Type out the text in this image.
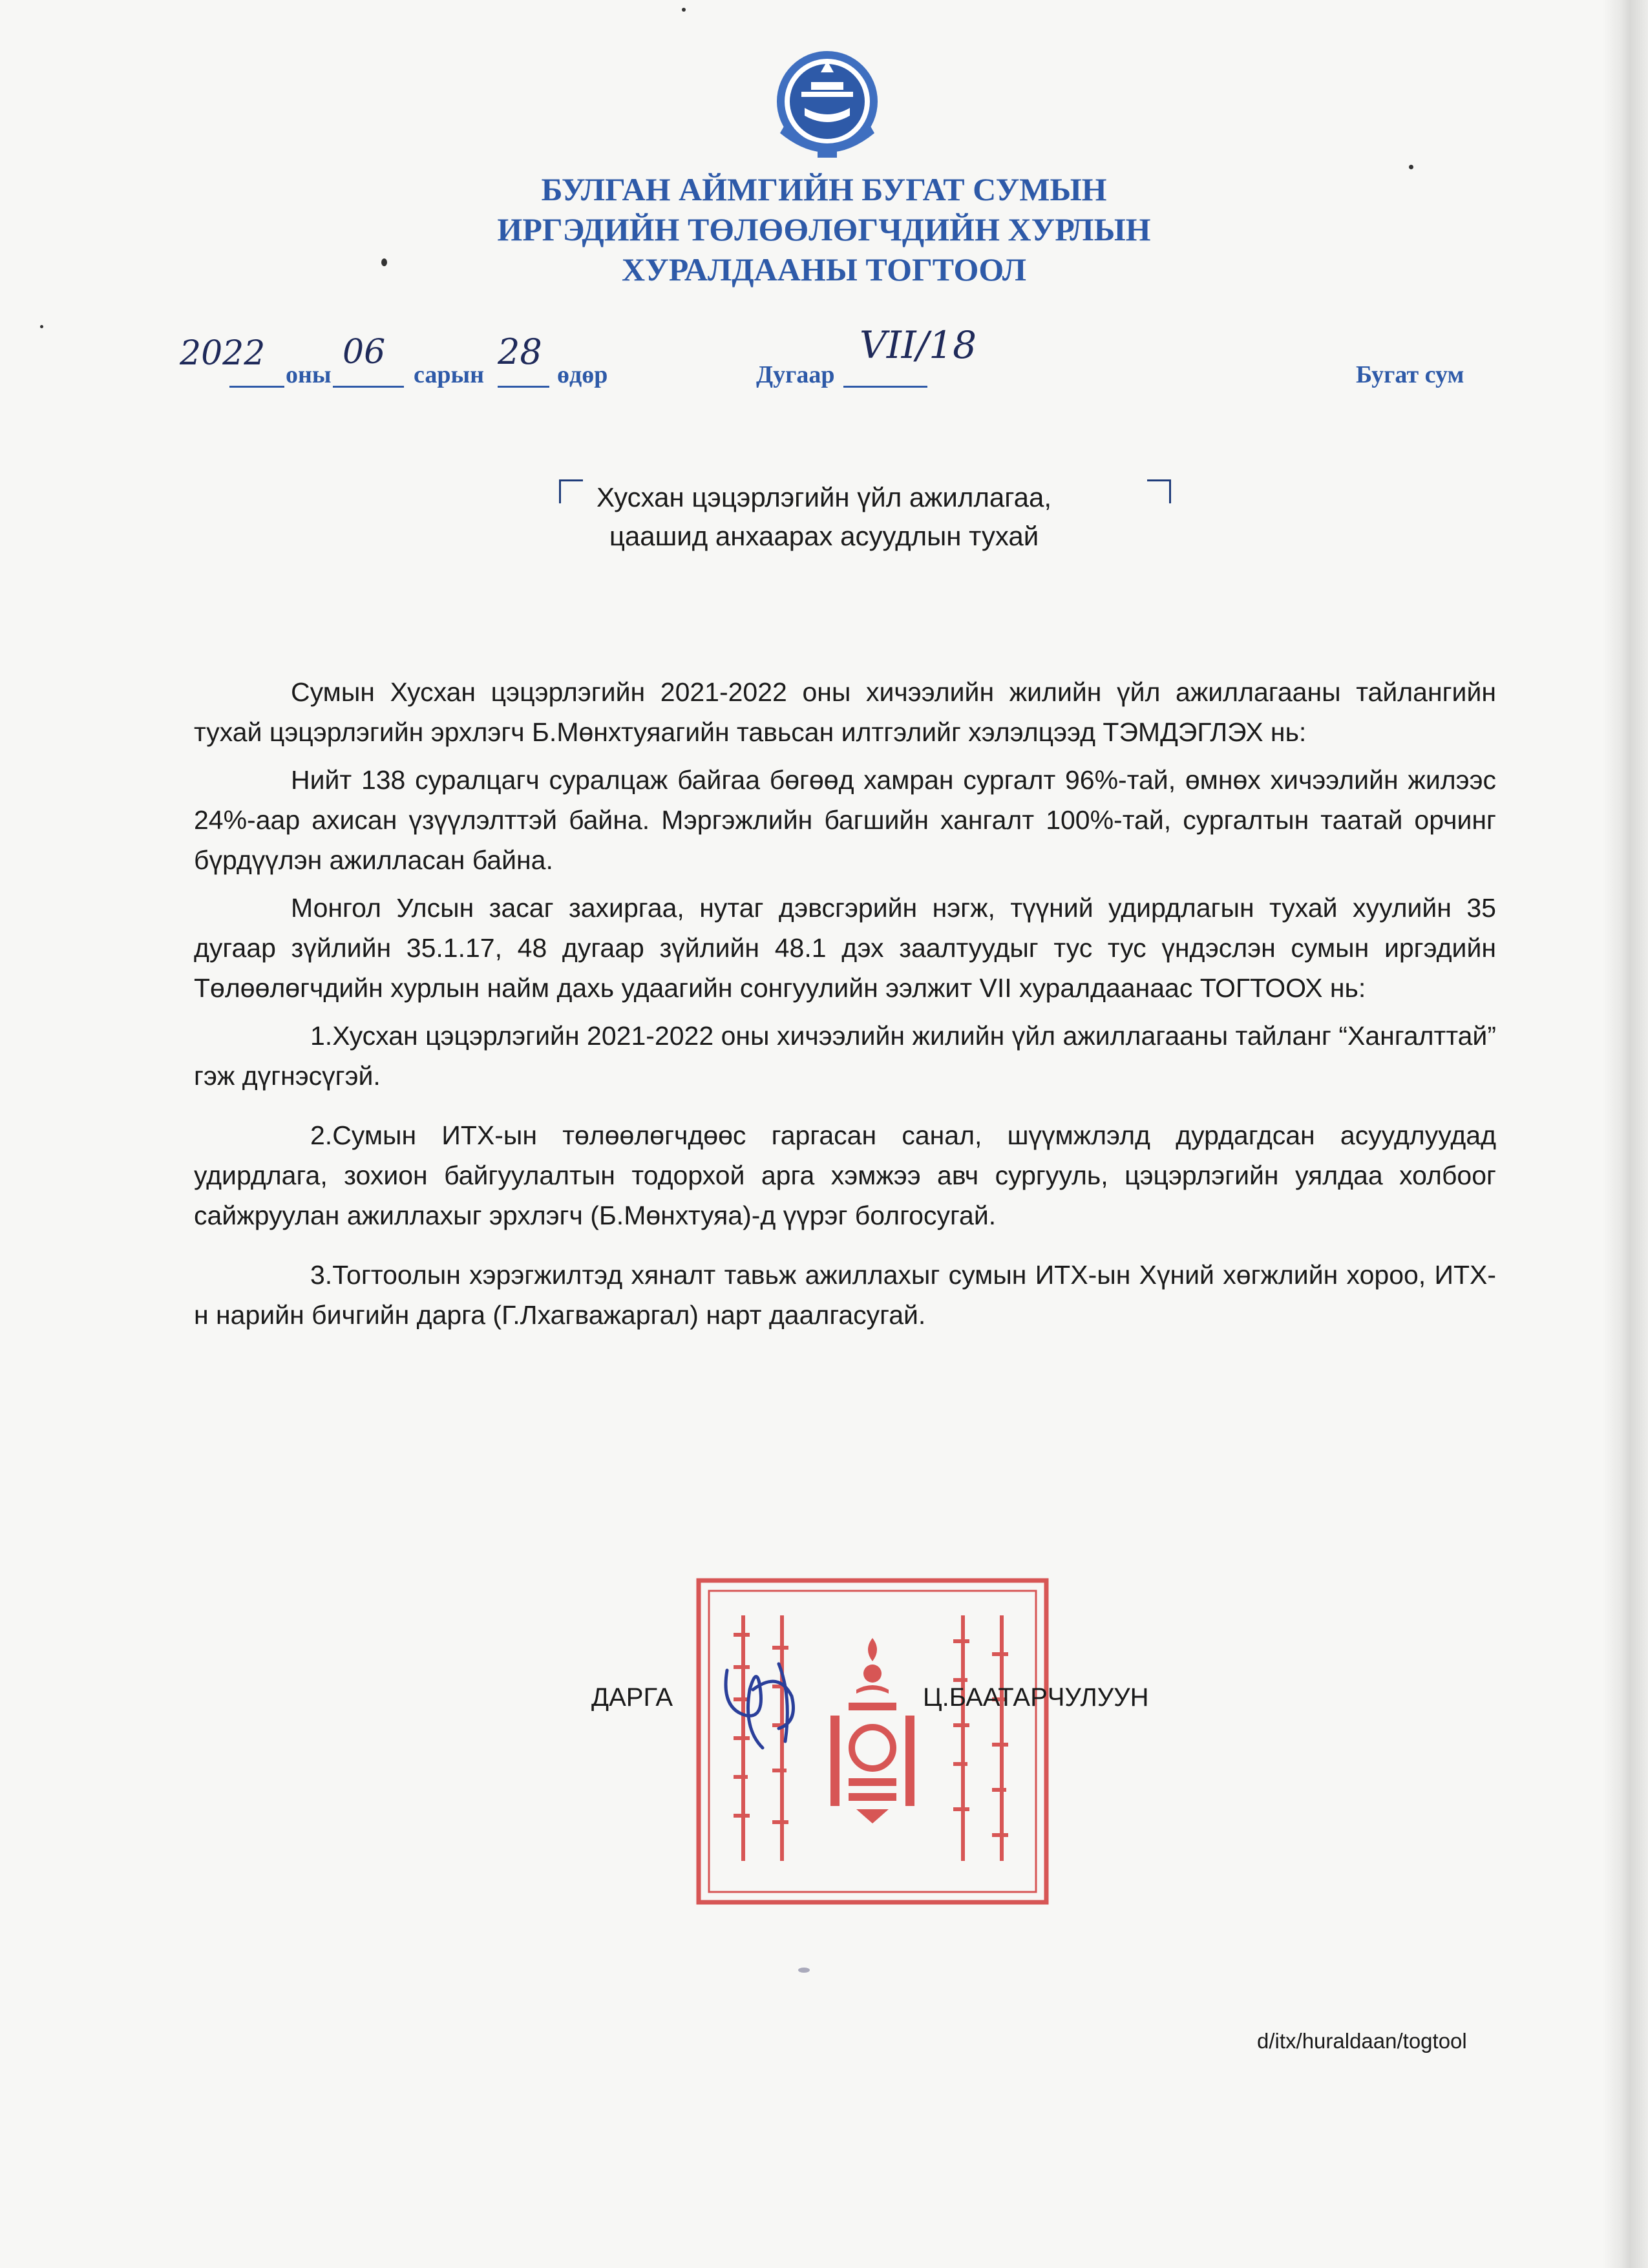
БУЛГАН АЙМГИЙН БУГАТ СУМЫН
ИРГЭДИЙН ТӨЛӨӨЛӨГЧДИЙН ХУРЛЫН
ХУРАЛДААНЫ ТОГТООЛ
2022
оны
06
сарын
28
өдөр	Дугаар
VII/18
Бугат сум
Хусхан цэцэрлэгийн үйл ажиллагаа,
цаашид анхаарах асуудлын тухай

Сумын Хусхан цэцэрлэгийн 2021-2022 оны хичээлийн жилийн үйл ажиллагааны тайлангийн тухай цэцэрлэгийн эрхлэгч Б.Мөнхтуяагийн тавьсан илтгэлийг хэлэлцээд ТЭМДЭГЛЭХ нь:

Нийт 138 суралцагч суралцаж байгаа бөгөөд хамран сургалт 96%-тай, өмнөх хичээлийн жилээс 24%-аар ахисан үзүүлэлттэй байна. Мэргэжлийн багшийн хангалт 100%-тай, сургалтын таатай орчинг бүрдүүлэн ажилласан байна.

Монгол Улсын засаг захиргаа, нутаг дэвсгэрийн нэгж, түүний удирдлагын тухай хуулийн 35 дугаар зүйлийн 35.1.17, 48 дугаар зүйлийн 48.1 дэх заалтуудыг тус тус үндэслэн сумын иргэдийн Төлөөлөгчдийн хурлын найм дахь удаагийн сонгуулийн ээлжит VII хуралдаанаас ТОГТООХ нь:

1.Хусхан цэцэрлэгийн 2021-2022 оны хичээлийн жилийн үйл ажиллагааны тайланг “Хангалттай” гэж дүгнэсүгэй.

2.Сумын ИТХ-ын төлөөлөгчдөөс гаргасан санал, шүүмжлэлд дурдагдсан асуудлуудад удирдлага, зохион байгуулалтын тодорхой арга хэмжээ авч сургууль, цэцэрлэгийн уялдаа холбоог сайжруулан ажиллахыг эрхлэгч (Б.Мөнхтуяа)-д үүрэг болгосугай.

3.Тогтоолын хэрэгжилтэд хяналт тавьж ажиллахыг сумын ИТХ-ын Хүний хөгжлийн хороо, ИТХ-н нарийн бичгийн дарга (Г.Лхагважаргал) нарт даалгасугай.

ДАРГА	Ц.БААТАРЧУЛУУН
d/itx/huraldaan/togtool
